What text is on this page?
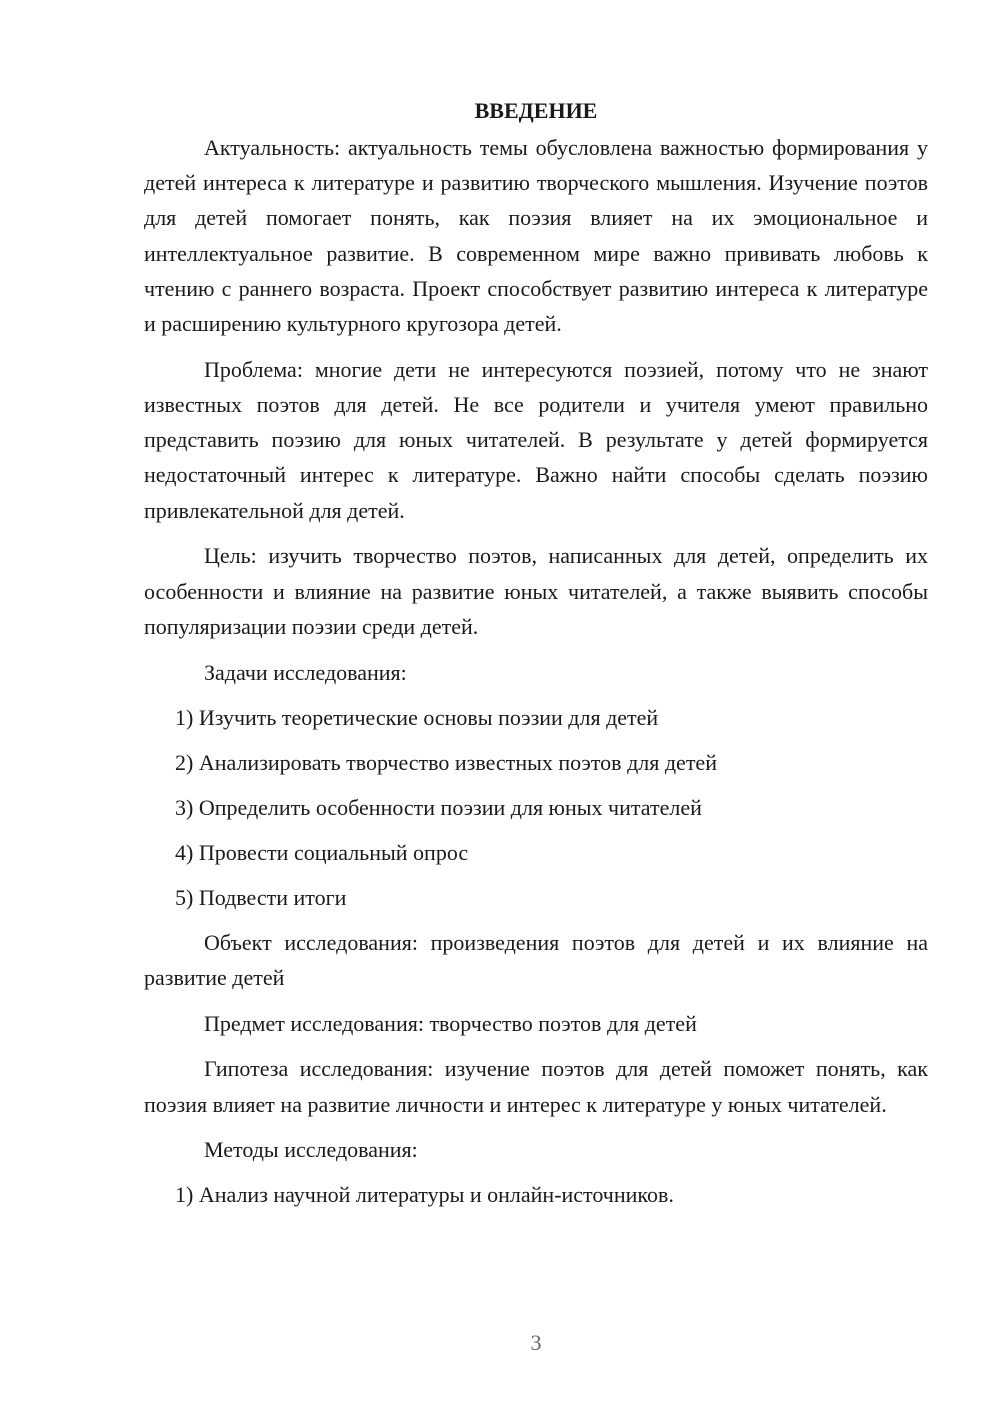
ВВЕДЕНИЕ

Актуальность: актуальность темы обусловлена важностью формирования у детей интереса к литературе и развитию творческого мышления. Изучение поэтов для детей помогает понять, как поэзия влияет на их эмоциональное и интеллектуальное развитие. В современном мире важно прививать любовь к чтению с раннего возраста. Проект способствует развитию интереса к литературе и расширению культурного кругозора детей.

Проблема: многие дети не интересуются поэзией, потому что не знают известных поэтов для детей. Не все родители и учителя умеют правильно представить поэзию для юных читателей. В результате у детей формируется недостаточный интерес к литературе. Важно найти способы сделать поэзию привлекательной для детей.

Цель: изучить творчество поэтов, написанных для детей, определить их особенности и влияние на развитие юных читателей, а также выявить способы популяризации поэзии среди детей.

Задачи исследования:
1) Изучить теоретические основы поэзии для детей
2) Анализировать творчество известных поэтов для детей
3) Определить особенности поэзии для юных читателей
4) Провести социальный опрос
5) Подвести итоги

Объект исследования: произведения поэтов для детей и их влияние на развитие детей

Предмет исследования: творчество поэтов для детей

Гипотеза исследования: изучение поэтов для детей поможет понять, как поэзия влияет на развитие личности и интерес к литературе у юных читателей.

Методы исследования:
1) Анализ научной литературы и онлайн-источников.
3
